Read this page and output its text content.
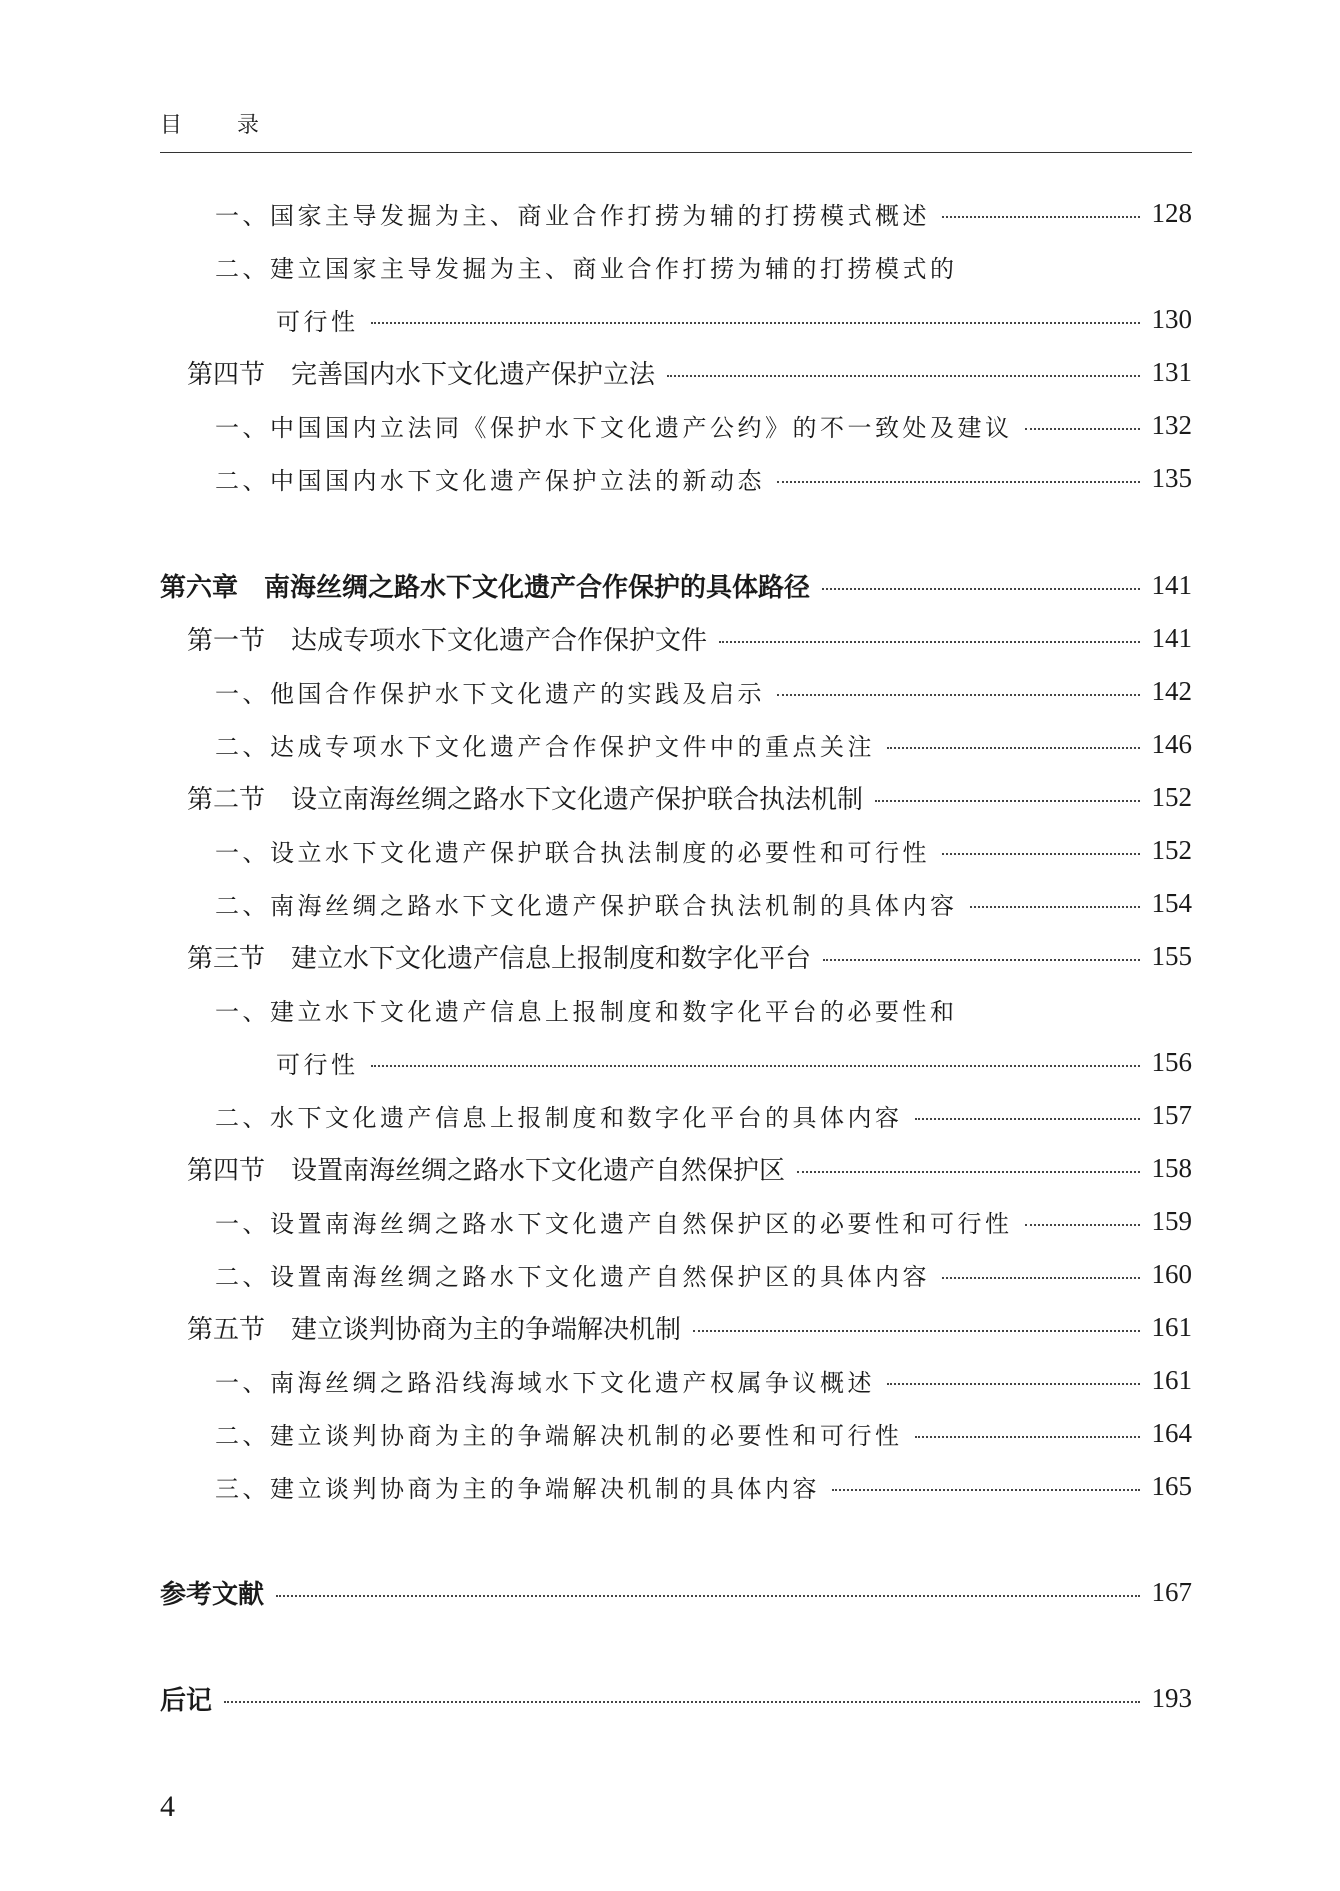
目 录
一、国家主导发掘为主、商业合作打捞为辅的打捞模式概述	128
二、建立国家主导发掘为主、商业合作打捞为辅的打捞模式的
可行性	130
第四节　完善国内水下文化遗产保护立法	131
一、中国国内立法同《保护水下文化遗产公约》的不一致处及建议	132
二、中国国内水下文化遗产保护立法的新动态	135
第六章　南海丝绸之路水下文化遗产合作保护的具体路径	141
第一节　达成专项水下文化遗产合作保护文件	141
一、他国合作保护水下文化遗产的实践及启示	142
二、达成专项水下文化遗产合作保护文件中的重点关注	146
第二节　设立南海丝绸之路水下文化遗产保护联合执法机制	152
一、设立水下文化遗产保护联合执法制度的必要性和可行性	152
二、南海丝绸之路水下文化遗产保护联合执法机制的具体内容	154
第三节　建立水下文化遗产信息上报制度和数字化平台	155
一、建立水下文化遗产信息上报制度和数字化平台的必要性和
可行性	156
二、水下文化遗产信息上报制度和数字化平台的具体内容	157
第四节　设置南海丝绸之路水下文化遗产自然保护区	158
一、设置南海丝绸之路水下文化遗产自然保护区的必要性和可行性	159
二、设置南海丝绸之路水下文化遗产自然保护区的具体内容	160
第五节　建立谈判协商为主的争端解决机制	161
一、南海丝绸之路沿线海域水下文化遗产权属争议概述	161
二、建立谈判协商为主的争端解决机制的必要性和可行性	164
三、建立谈判协商为主的争端解决机制的具体内容	165
参考文献	167
后记	193
4
